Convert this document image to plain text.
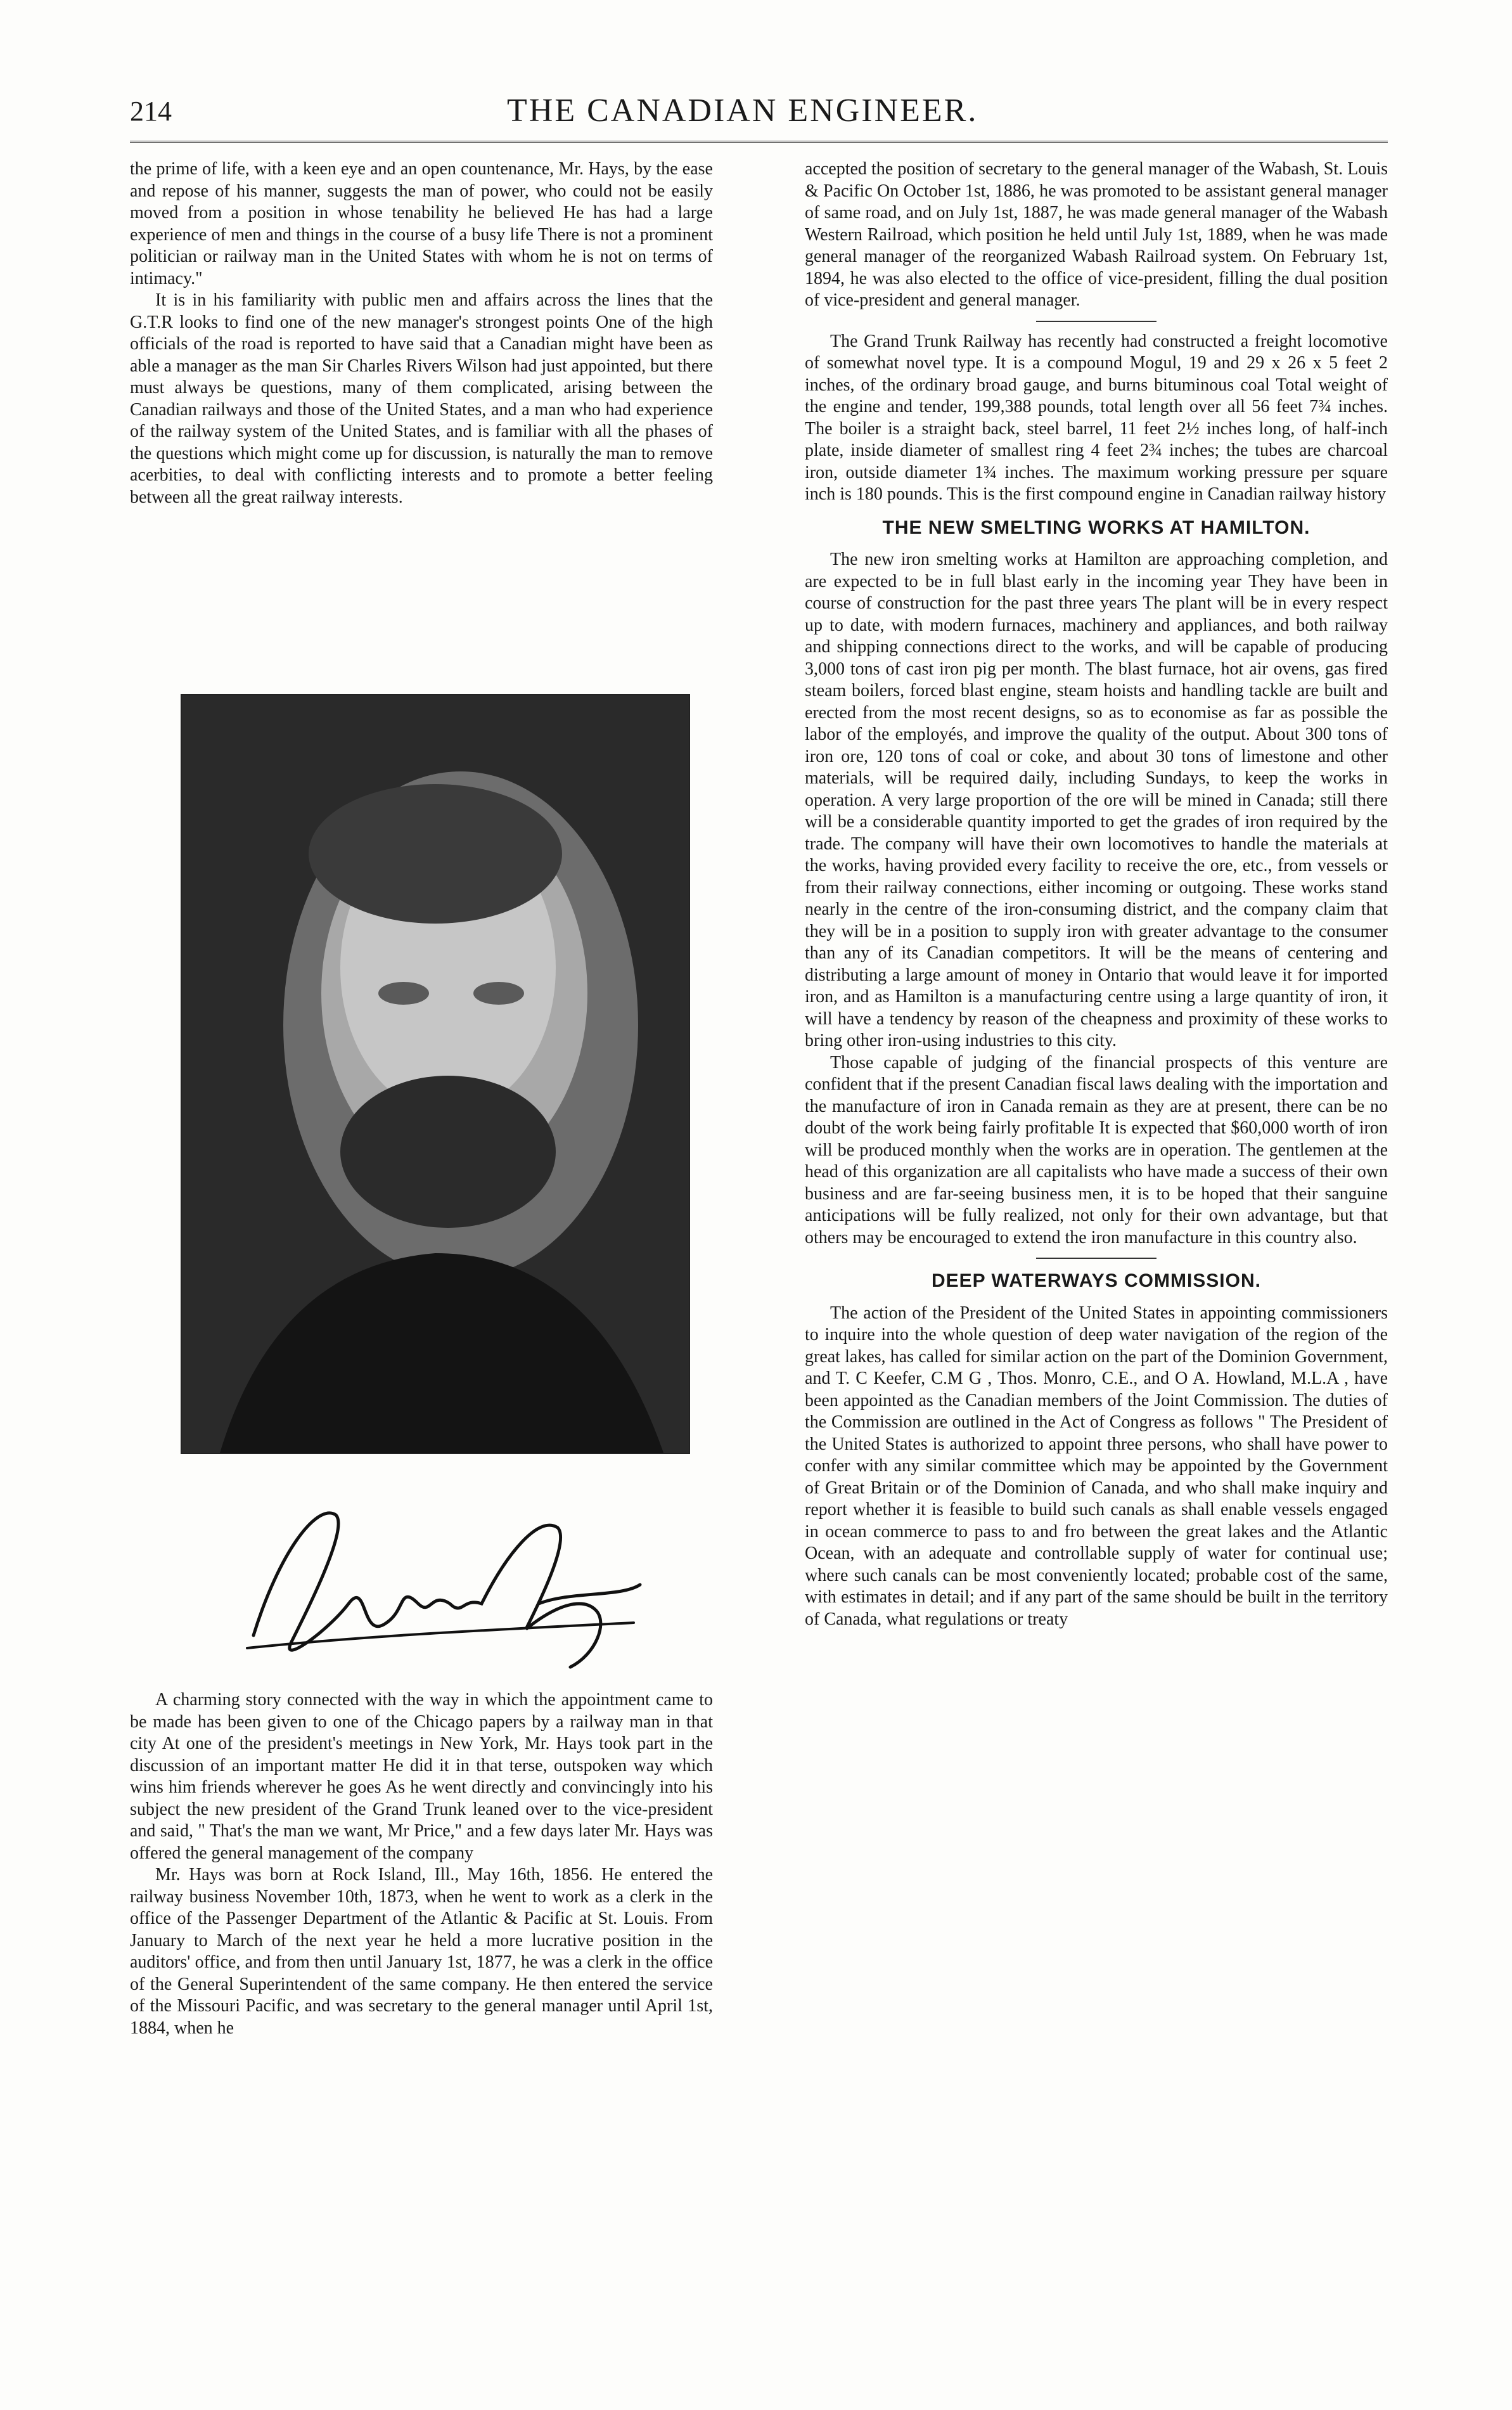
214	THE CANADIAN ENGINEER.

the prime of life, with a keen eye and an open countenance, Mr. Hays, by the ease and repose of his manner, suggests the man of power, who could not be easily moved from a position in whose tenability he believed He has had a large experience of men and things in the course of a busy life There is not a prominent politician or railway man in the United States with whom he is not on terms of intimacy."

It is in his familiarity with public men and affairs across the lines that the G.T.R looks to find one of the new manager's strongest points One of the high officials of the road is reported to have said that a Canadian might have been as able a manager as the man Sir Charles Rivers Wilson had just appointed, but there must always be questions, many of them complicated, arising between the Canadian railways and those of the United States, and a man who had experience of the railway system of the United States, and is familiar with all the phases of the questions which might come up for discussion, is naturally the man to remove acerbities, to deal with conflicting interests and to promote a better feeling between all the great railway interests.

A charming story connected with the way in which the appointment came to be made has been given to one of the Chicago papers by a railway man in that city At one of the president's meetings in New York, Mr. Hays took part in the discussion of an important matter He did it in that terse, outspoken way which wins him friends wherever he goes As he went directly and convincingly into his subject the new president of the Grand Trunk leaned over to the vice-president and said, " That's the man we want, Mr Price," and a few days later Mr. Hays was offered the general management of the company

Mr. Hays was born at Rock Island, Ill., May 16th, 1856. He entered the railway business November 10th, 1873, when he went to work as a clerk in the office of the Passenger Department of the Atlantic & Pacific at St. Louis. From January to March of the next year he held a more lucrative position in the auditors' office, and from then until January 1st, 1877, he was a clerk in the office of the General Superintendent of the same company. He then entered the service of the Missouri Pacific, and was secretary to the general manager until April 1st, 1884, when he

accepted the position of secretary to the general manager of the Wabash, St. Louis & Pacific On October 1st, 1886, he was promoted to be assistant general manager of same road, and on July 1st, 1887, he was made general manager of the Wabash Western Railroad, which position he held until July 1st, 1889, when he was made general manager of the reorganized Wabash Railroad system. On February 1st, 1894, he was also elected to the office of vice-president, filling the dual position of vice-president and general manager.

The Grand Trunk Railway has recently had constructed a freight locomotive of somewhat novel type. It is a compound Mogul, 19 and 29 x 26 x 5 feet 2 inches, of the ordinary broad gauge, and burns bituminous coal Total weight of the engine and tender, 199,388 pounds, total length over all 56 feet 7¾ inches. The boiler is a straight back, steel barrel, 11 feet 2½ inches long, of half-inch plate, inside diameter of smallest ring 4 feet 2¾ inches; the tubes are charcoal iron, outside diameter 1¾ inches. The maximum working pressure per square inch is 180 pounds. This is the first compound engine in Canadian railway history

THE NEW SMELTING WORKS AT HAMILTON.

The new iron smelting works at Hamilton are approaching completion, and are expected to be in full blast early in the incoming year They have been in course of construction for the past three years The plant will be in every respect up to date, with modern furnaces, machinery and appliances, and both railway and shipping connections direct to the works, and will be capable of producing 3,000 tons of cast iron pig per month. The blast furnace, hot air ovens, gas fired steam boilers, forced blast engine, steam hoists and handling tackle are built and erected from the most recent designs, so as to economise as far as possible the labor of the employés, and improve the quality of the output. About 300 tons of iron ore, 120 tons of coal or coke, and about 30 tons of limestone and other materials, will be required daily, including Sundays, to keep the works in operation. A very large proportion of the ore will be mined in Canada; still there will be a considerable quantity imported to get the grades of iron required by the trade. The company will have their own locomotives to handle the materials at the works, having provided every facility to receive the ore, etc., from vessels or from their railway connections, either incoming or outgoing. These works stand nearly in the centre of the iron-consuming district, and the company claim that they will be in a position to supply iron with greater advantage to the consumer than any of its Canadian competitors. It will be the means of centering and distributing a large amount of money in Ontario that would leave it for imported iron, and as Hamilton is a manufacturing centre using a large quantity of iron, it will have a tendency by reason of the cheapness and proximity of these works to bring other iron-using industries to this city.

Those capable of judging of the financial prospects of this venture are confident that if the present Canadian fiscal laws dealing with the importation and the manufacture of iron in Canada remain as they are at present, there can be no doubt of the work being fairly profitable It is expected that $60,000 worth of iron will be produced monthly when the works are in operation. The gentlemen at the head of this organization are all capitalists who have made a success of their own business and are far-seeing business men, it is to be hoped that their sanguine anticipations will be fully realized, not only for their own advantage, but that others may be encouraged to extend the iron manufacture in this country also.

DEEP WATERWAYS COMMISSION.

The action of the President of the United States in appointing commissioners to inquire into the whole question of deep water navigation of the region of the great lakes, has called for similar action on the part of the Dominion Government, and T. C Keefer, C.M G , Thos. Monro, C.E., and O A. Howland, M.L.A , have been appointed as the Canadian members of the Joint Commission. The duties of the Commission are outlined in the Act of Congress as follows " The President of the United States is authorized to appoint three persons, who shall have power to confer with any similar committee which may be appointed by the Government of Great Britain or of the Dominion of Canada, and who shall make inquiry and report whether it is feasible to build such canals as shall enable vessels engaged in ocean commerce to pass to and fro between the great lakes and the Atlantic Ocean, with an adequate and controllable supply of water for continual use; where such canals can be most conveniently located; probable cost of the same, with estimates in detail; and if any part of the same should be built in the territory of Canada, what regulations or treaty
